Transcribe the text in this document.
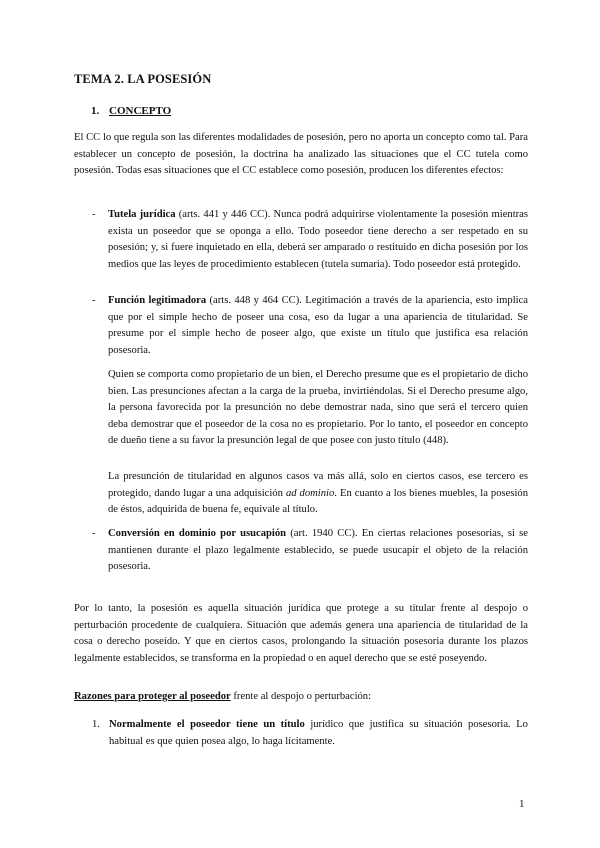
TEMA 2. LA POSESIÓN
1. CONCEPTO

El CC lo que regula son las diferentes modalidades de posesión, pero no aporta un concepto como tal. Para establecer un concepto de posesión, la doctrina ha analizado las situaciones que el CC tutela como posesión. Todas esas situaciones que el CC establece como posesión, producen los diferentes efectos:

- Tutela jurídica (arts. 441 y 446 CC). Nunca podrá adquirirse violentamente la posesión mientras exista un poseedor que se oponga a ello. Todo poseedor tiene derecho a ser respetado en su posesión; y, si fuere inquietado en ella, deberá ser amparado o restituido en dicha posesión por los medios que las leyes de procedimiento establecen (tutela sumaria). Todo poseedor está protegido.
- Función legitimadora (arts. 448 y 464 CC). Legitimación a través de la apariencia, esto implica que por el simple hecho de poseer una cosa, eso da lugar a una apariencia de titularidad. Se presume por el simple hecho de poseer algo, que existe un título que justifica esa relación posesoria.

Quien se comporta como propietario de un bien, el Derecho presume que es el propietario de dicho bien. Las presunciones afectan a la carga de la prueba, invirtiéndolas. Si el Derecho presume algo, la persona favorecida por la presunción no debe demostrar nada, sino que será el tercero quien deba demostrar que el poseedor de la cosa no es propietario. Por lo tanto, el poseedor en concepto de dueño tiene a su favor la presunción legal de que posee con justo título (448).

La presunción de titularidad en algunos casos va más allá, solo en ciertos casos, ese tercero es protegido, dando lugar a una adquisición ad dominio. En cuanto a los bienes muebles, la posesión de éstos, adquirida de buena fe, equivale al título.

- Conversión en dominio por usucapión (art. 1940 CC). En ciertas relaciones posesorias, si se mantienen durante el plazo legalmente establecido, se puede usucapir el objeto de la relación posesoria.

Por lo tanto, la posesión es aquella situación jurídica que protege a su titular frente al despojo o perturbación procedente de cualquiera. Situación que además genera una apariencia de titularidad de la cosa o derecho poseído. Y que en ciertos casos, prolongando la situación posesoria durante los plazos legalmente establecidos, se transforma en la propiedad o en aquel derecho que se esté poseyendo.

Razones para proteger al poseedor frente al despojo o perturbación:

1. Normalmente el poseedor tiene un título jurídico que justifica su situación posesoria. Lo habitual es que quien posea algo, lo haga lícitamente.
1
